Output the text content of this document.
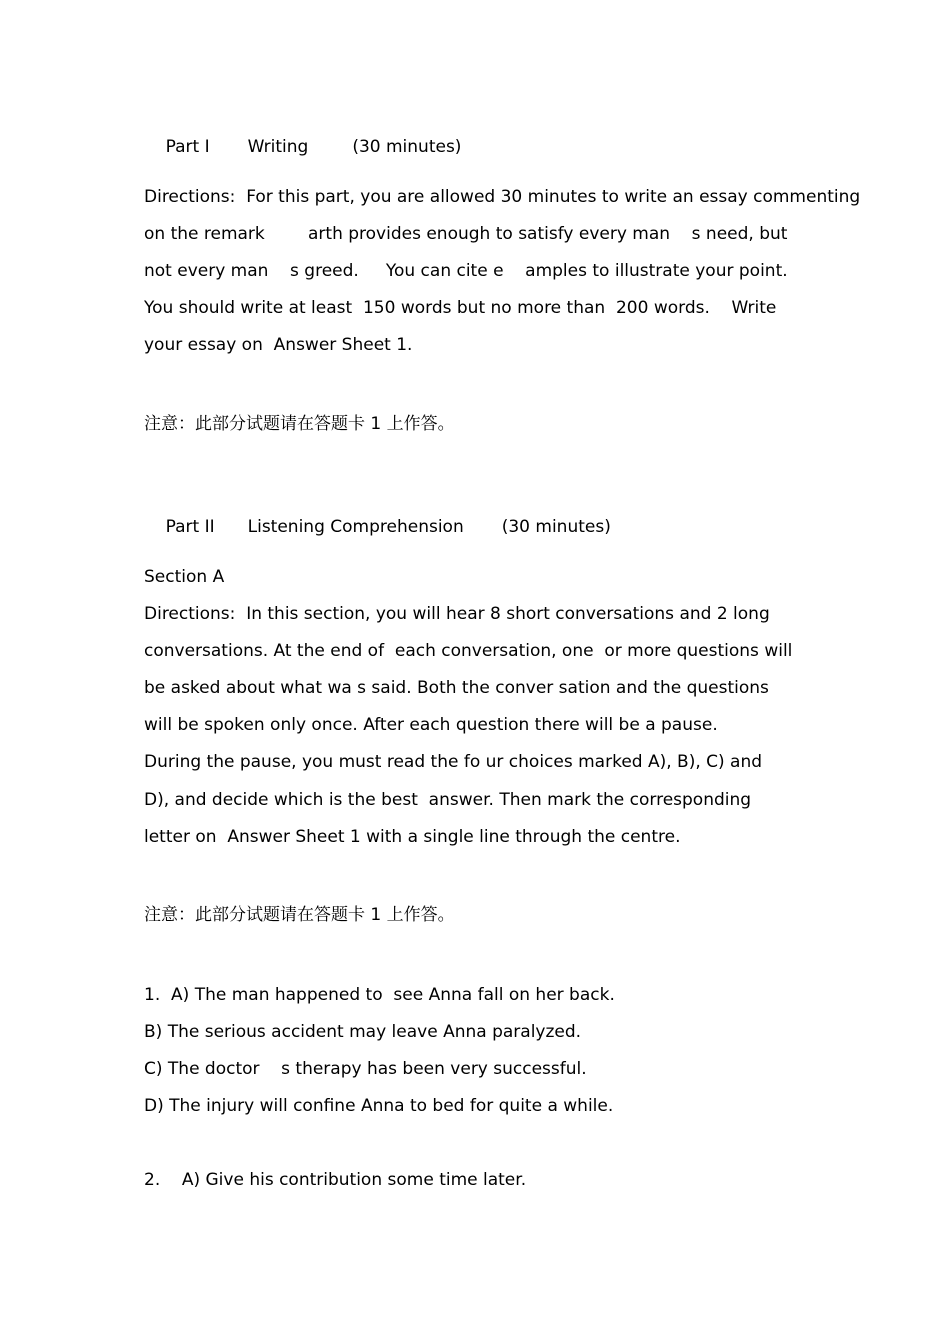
Part I Writing	(30 minutes)

Directions:  For this part, you are allowed 30 minutes to write an essay commenting
on the remark        arth provides enough to satisfy every man    s need, but
not every man    s greed.     You can cite e    amples to illustrate your point.
You should write at least  150 words but no more than  200 words.    Write
your essay on  Answer Sheet 1.
注意：此部分试题请在答题卡 1 上作答。

Part II Listening Comprehension (30 minutes)

Section A
Directions:  In this section, you will hear 8 short conversations and 2 long
conversations. At the end of  each conversation, one  or more questions will
be asked about what wa s said. Both the conver sation and the questions
will be spoken only once. After each question there will be a pause.
During the pause, you must read the fo ur choices marked A), B), C) and
D), and decide which is the best  answer. Then mark the corresponding
letter on  Answer Sheet 1 with a single line through the centre.
注意：此部分试题请在答题卡 1 上作答。
1.  A) The man happened to  see Anna fall on her back.
B) The serious accident may leave Anna paralyzed.
C) The doctor    s therapy has been very successful.
D) The injury will confine Anna to bed for quite a while.
2.    A) Give his contribution some time later.
